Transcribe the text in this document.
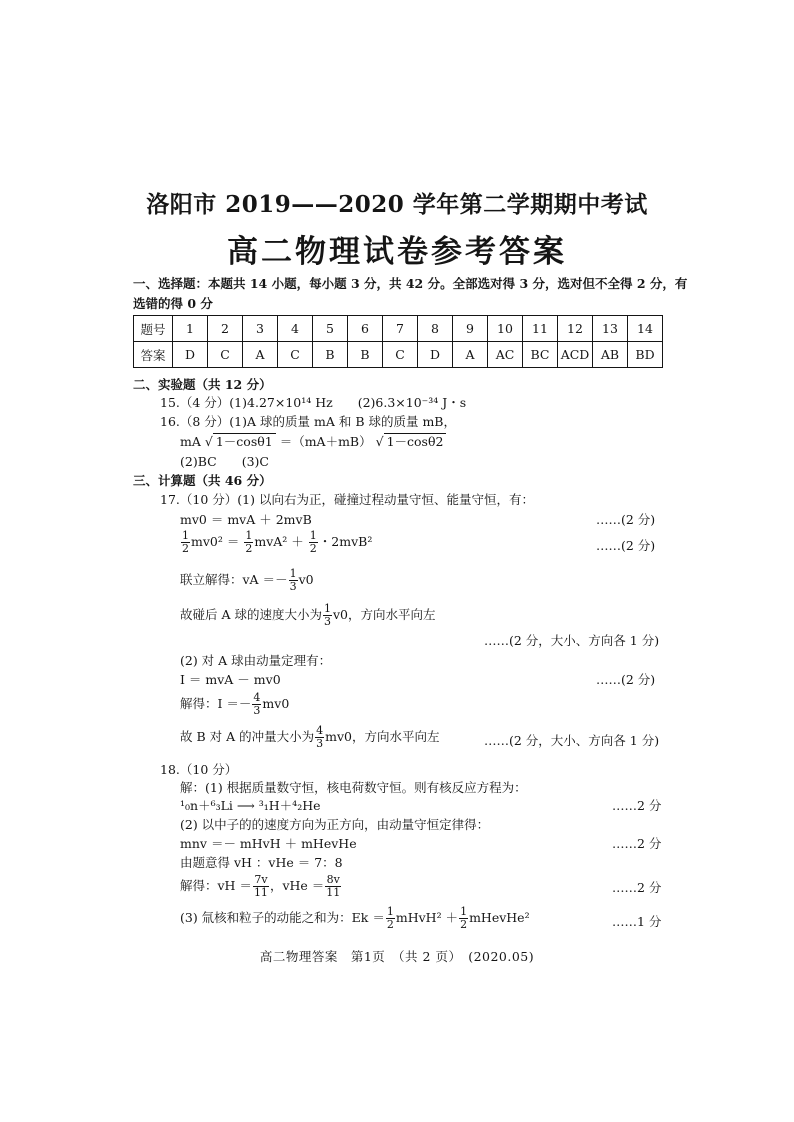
洛阳市 2019——2020 学年第二学期期中考试
高二物理试卷参考答案
一、选择题：本题共 14 小题，每小题 3 分，共 42 分。全部选对得 3 分，选对但不全得 2 分，有
选错的得 0 分
题号	1	2	3	4	5	6	7	8	9	10	11	12	13	14
答案	D	C	A	C	B	B	C	D	A	AC	BC	ACD	AB	BD
二、实验题（共 12 分）
15.（4 分）(1)4.27×10¹⁴ Hz　　(2)6.3×10⁻³⁴ J・s
16.（8 分）(1)A 球的质量 mA 和 B 球的质量 mB，
mA √ 1－cosθ1 ＝（mA＋mB） √ 1－cosθ2
(2)BC　　(3)C
三、计算题（共 46 分）
17.（10 分）(1) 以向右为正，碰撞过程动量守恒、能量守恒，有：
mv0 ＝ mvA ＋ 2mvB	……(2 分)
$\frac{1}{2} mv0^2 = \frac{1}{2} mvA^2 + \frac{1}{2}$ ・2mvB²	……(2 分)
联立解得：vA ＝－ $\frac{1}{3} v0$
故碰后 A 球的速度大小为 $\frac{1}{3} v0$，方向水平向左
……(2 分，大小、方向各 1 分)
(2) 对 A 球由动量定理有：
I ＝ mvA － mv0	……(2 分)
解得：$I =- \frac{4}{3} mv0$
故 B 对 A 的冲量大小为 $\frac{4}{3} mv0$，方向水平向左	……(2 分，大小、方向各 1 分)
18.（10 分）
解：(1) 根据质量数守恒，核电荷数守恒。则有核反应方程为：
¹₀n＋⁶₃Li ⟶ ³₁H＋⁴₂He	……2 分
(2) 以中子的的速度方向为正方向，由动量守恒定律得：
mnv ＝－ mHvH ＋ mHevHe	……2 分
由题意得 vH ：vHe ＝ 7：8
解得：vH ＝ $\frac{7v}{11}$ ，vHe ＝ $\frac{8v}{11}$	……2 分
(3) 氚核和粒子的动能之和为：$Ek = \frac{1}{2}$ mHvH² ＋ $\frac{1}{2}$ mHevHe²	……1 分
高二物理答案　第1页　（共 2 页）　(2020.05)
